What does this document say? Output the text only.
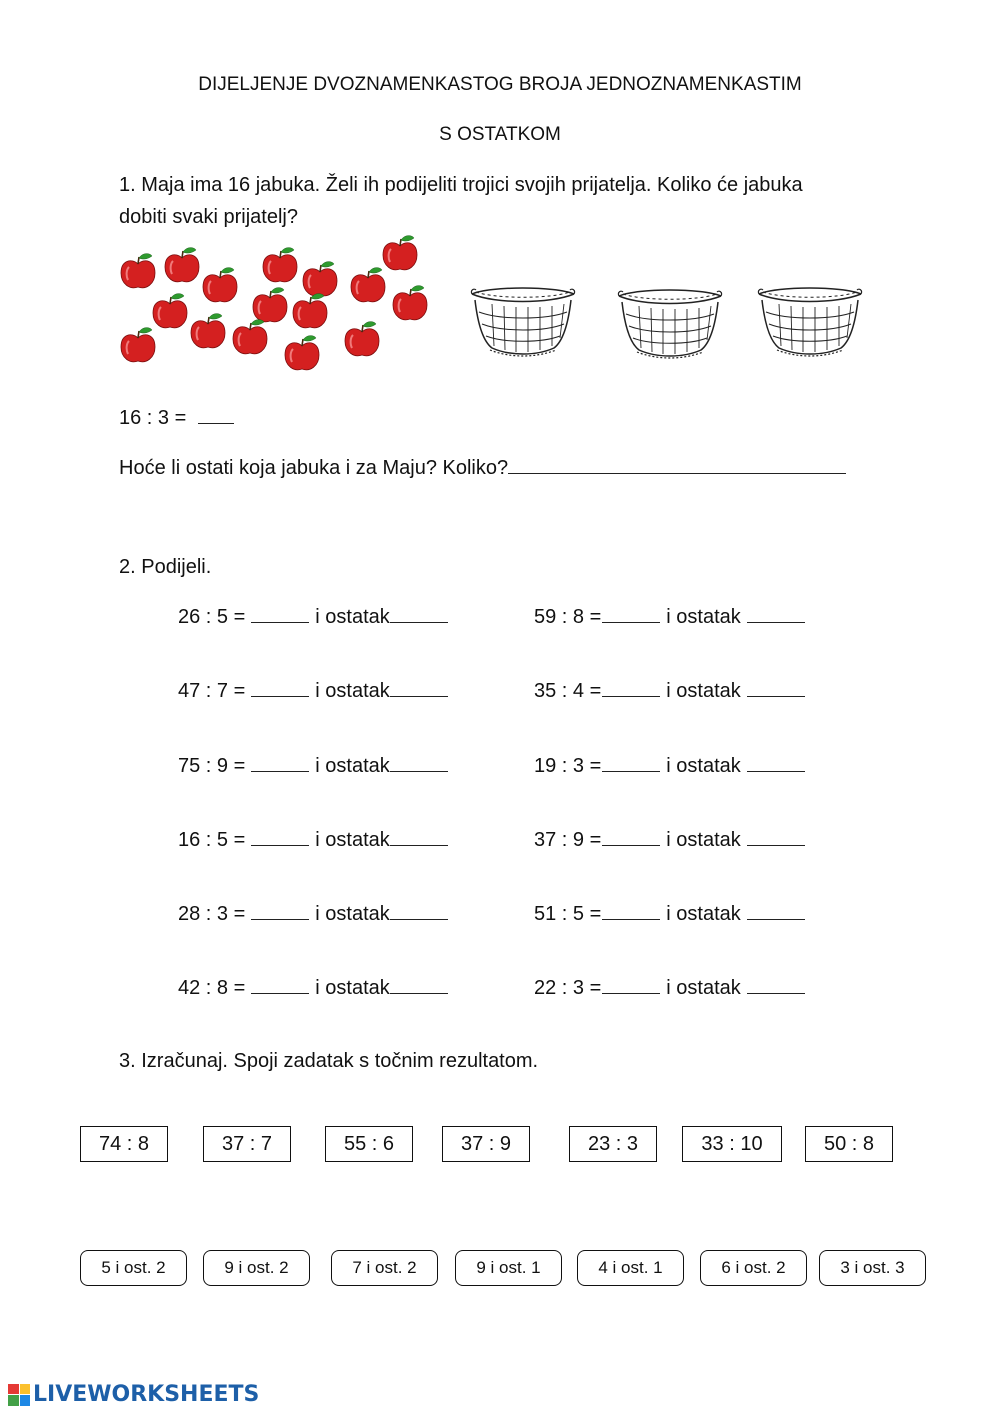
DIJELJENJE DVOZNAMENKASTOG BROJA JEDNOZNAMENKASTIM
S OSTATKOM
1. Maja ima 16 jabuka. Želi ih podijeliti trojici svojih prijatelja. Koliko će jabuka
dobiti svaki prijatelj?
16 : 3 =
Hoće li ostati koja jabuka i za Maju? Koliko?
2. Podijeli.
26 : 5 =	i ostatak	59 : 8 =	i ostatak
47 : 7 =	i ostatak	35 : 4 =	i ostatak
75 : 9 =	i ostatak	19 : 3 =	i ostatak
16 : 5 =	i ostatak	37 : 9 =	i ostatak
28 : 3 =	i ostatak	51 : 5 =	i ostatak
42 : 8 =	i ostatak	22 : 3 =	i ostatak
3. Izračunaj. Spoji zadatak s točnim rezultatom.
74 : 8	37 : 7	55 : 6	37 : 9	23 : 3	33 : 10	50 : 8
5 i ost. 2	9 i ost. 2	7 i ost. 2	9 i ost. 1	4 i ost. 1	6 i ost. 2	3 i ost. 3
LIVEWORKSHEETS
